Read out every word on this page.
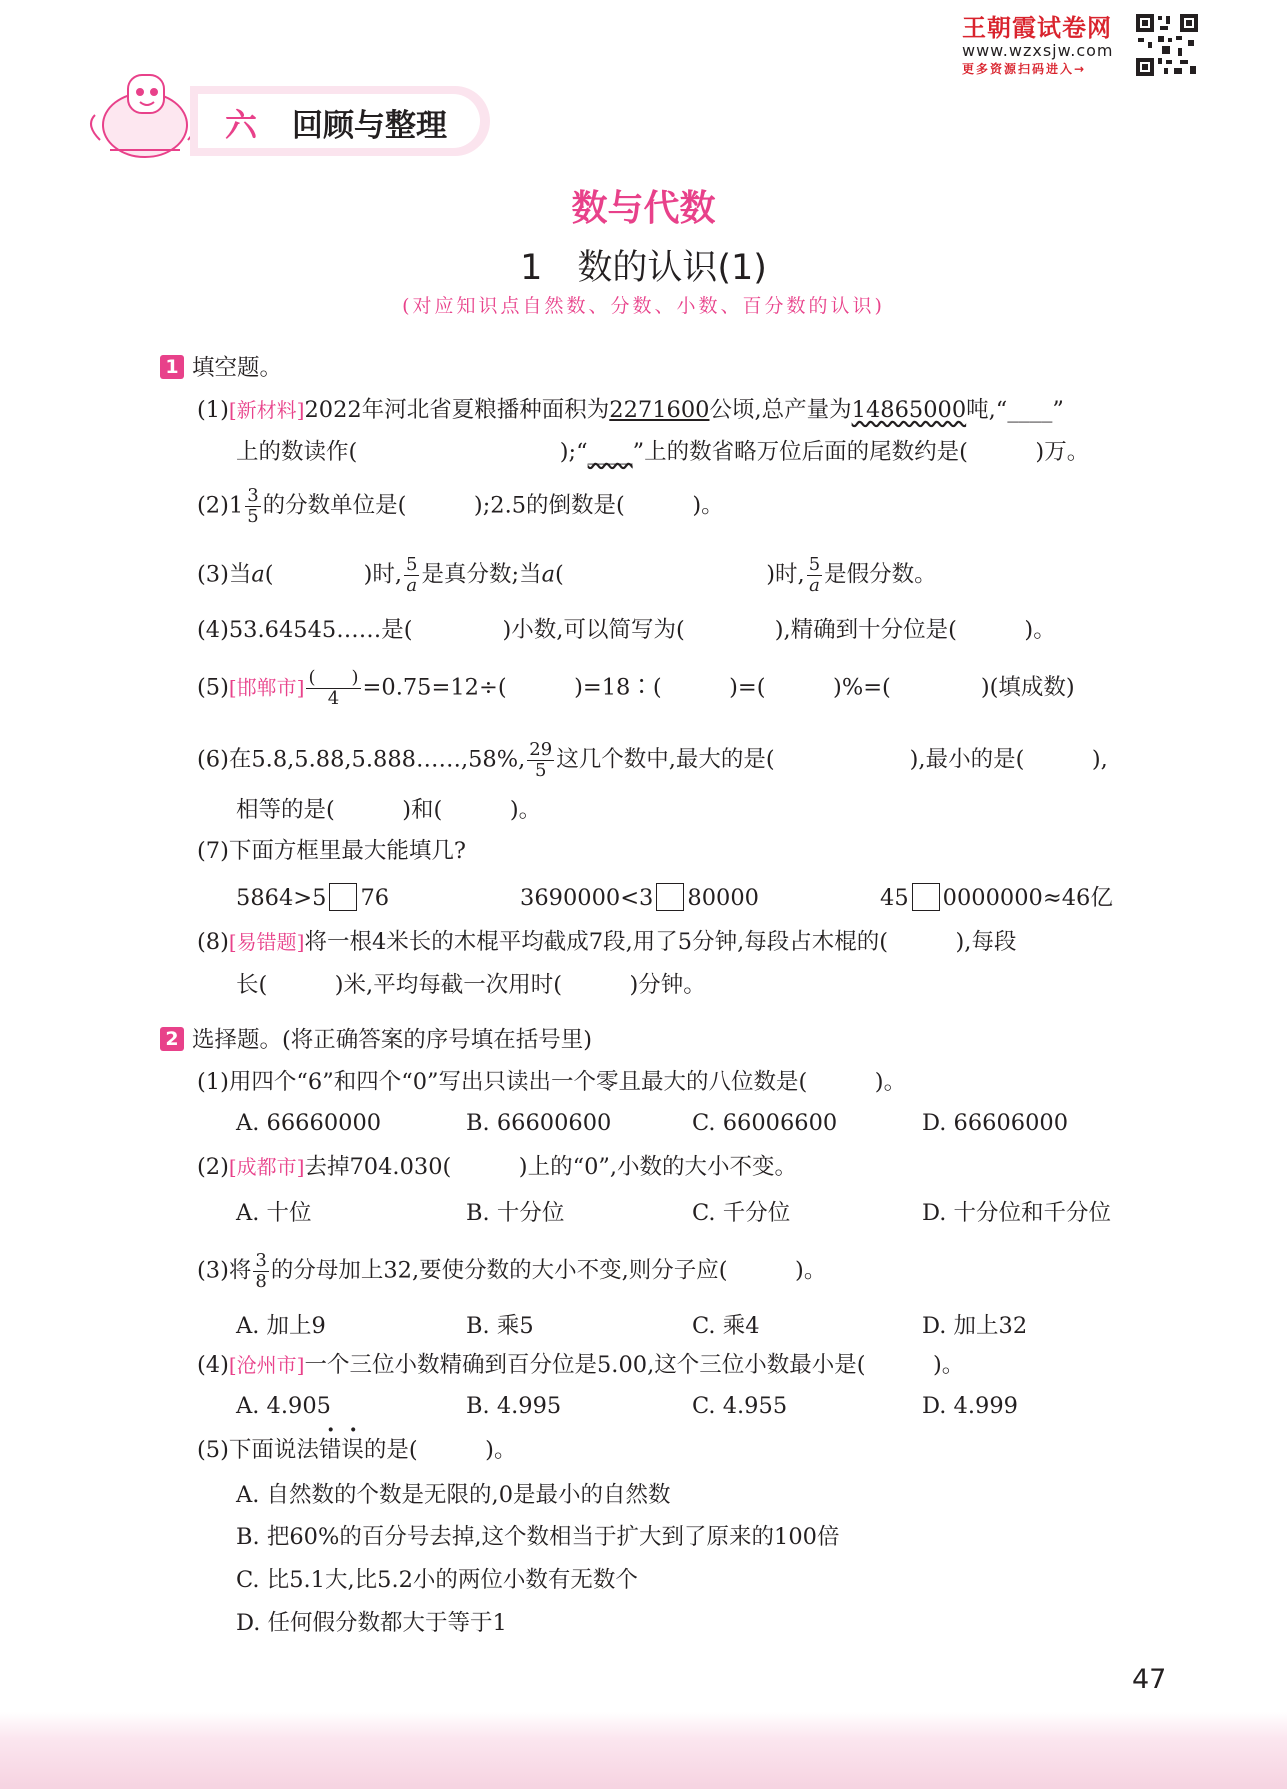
六 回顾与整理
王朝霞试卷网
www.wzxsjw.com
更多资源扫码进入→
数与代数
1　数的认识(1)
(对应知识点自然数、分数、小数、百分数的认识)
1 填空题。
(1)[新材料]2022年河北省夏粮播种面积为2271600公顷,总产量为14865000吨,“____”
上的数读作(　　　　　　　　　);“____”上的数省略万位后面的尾数约是(　　　)万。
$(2)1 \frac{3}{5}$ 的分数单位是(　　　);2.5的倒数是(　　　)。
(3)当a(　　　　)时, $\frac{5}{a}$ 是真分数;当a(　　　　　　　　　)时, $\frac{5}{a}$ 是假分数。
(4)53.64545……是(　　　　)小数,可以简写为(　　　　),精确到十分位是(　　　)。
(5)[邯郸市] $\frac{( )}{4} =0.75=12\div$(　　　)=18∶(　　　)=(　　　)%=(　　　　)(填成数)
(6)在5.8,5.88,5.888……,58%, $\frac{29}{5}$ 这几个数中,最大的是(　　　　　　),最小的是(　　　),
相等的是(　　　)和(　　　)。
(7)下面方框里最大能填几?
5864>5 76	3690000<3 80000	45 0000000≈46亿
(8)[易错题]将一根4米长的木棍平均截成7段,用了5分钟,每段占木棍的(　　　),每段
长(　　　)米,平均每截一次用时(　　　)分钟。
2 选择题。(将正确答案的序号填在括号里)
(1)用四个“6”和四个“0”写出只读出一个零且最大的八位数是(　　　)。
A. 66660000	B. 66600600	C. 66006600	D. 66606000
(2)[成都市]去掉704.030(　　　)上的“0”,小数的大小不变。
A. 十位	B. 十分位	C. 千分位	D. 十分位和千分位
(3)将 $\frac{3}{8}$ 的分母加上32,要使分数的大小不变,则分子应(　　　)。
A. 加上9	B. 乘5	C. 乘4	D. 加上32
(4)[沧州市]一个三位小数精确到百分位是5.00,这个三位小数最小是(　　　)。
A. 4.905	B. 4.995	C. 4.955	D. 4.999
(5)下面说法错误的是(　　　)。
A. 自然数的个数是无限的,0是最小的自然数
B. 把60%的百分号去掉,这个数相当于扩大到了原来的100倍
C. 比5.1大,比5.2小的两位小数有无数个
D. 任何假分数都大于等于1
47
